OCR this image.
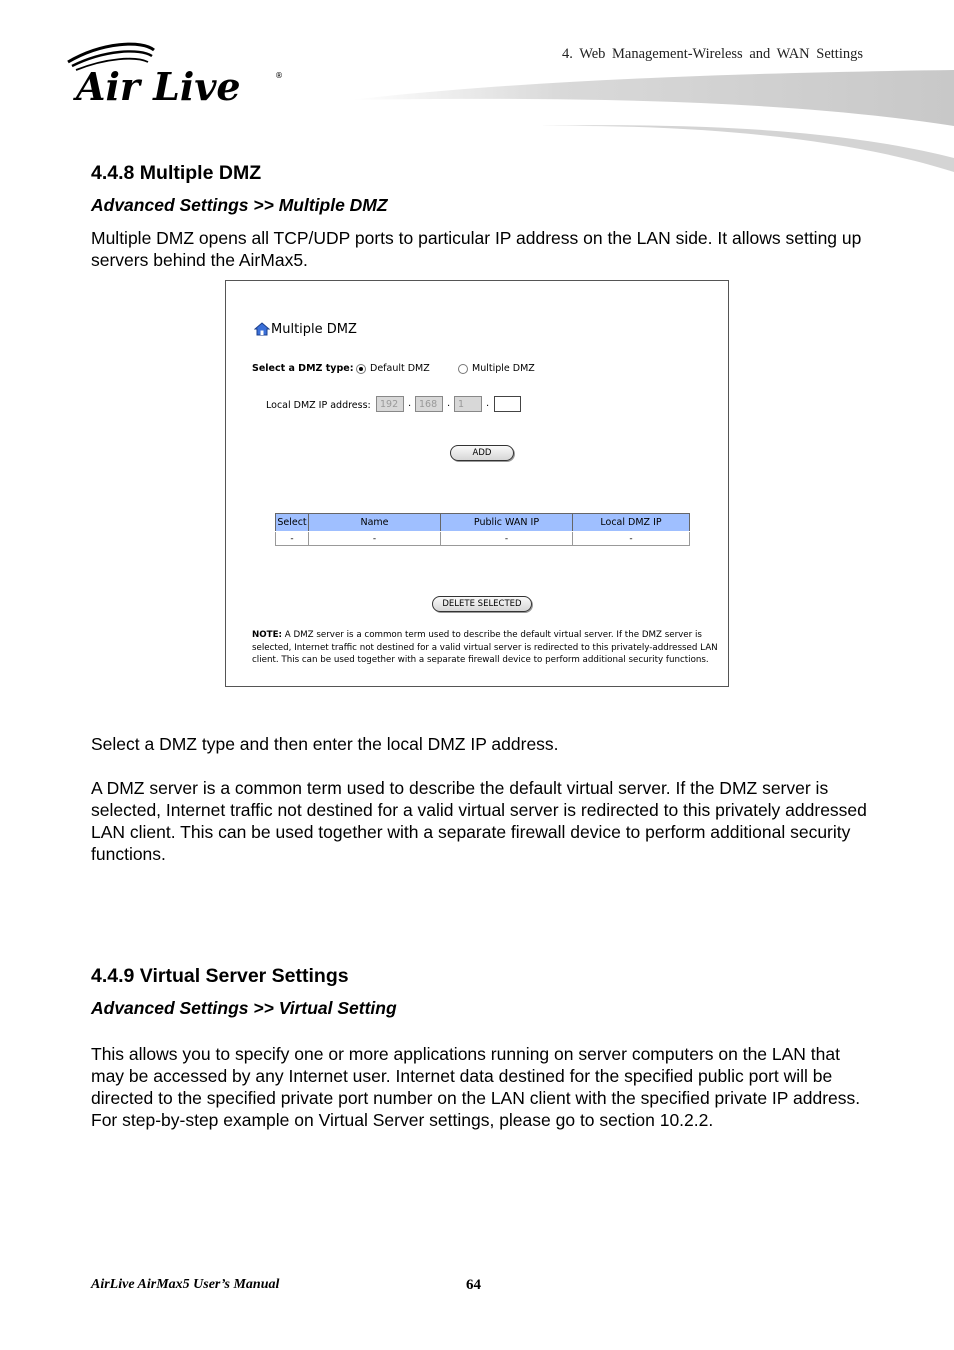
Air Live	®
4. Web Management-Wireless and WAN Settings
4.4.8 Multiple DMZ
Advanced Settings >> Multiple DMZ
Multiple DMZ opens all TCP/UDP ports to particular IP address on the LAN side. It allows setting up servers behind the AirMax5.
Multiple DMZ
Select a DMZ type: Default DMZ	Multiple DMZ
Local DMZ IP address: 192 . 168 . 1	.
ADD
Select	Name	Public WAN IP	Local DMZ IP
-	-	-	-
DELETE SELECTED
NOTE: A DMZ server is a common term used to describe the default virtual server. If the DMZ server is selected, Internet traffic not destined for a valid virtual server is redirected to this privately-addressed LAN client. This can be used together with a separate firewall device to perform additional security functions.
Select a DMZ type and then enter the local DMZ IP address.
A DMZ server is a common term used to describe the default virtual server. If the DMZ server is selected, Internet traffic not destined for a valid virtual server is redirected to this privately addressed LAN client. This can be used together with a separate firewall device to perform additional security functions.
4.4.9 Virtual Server Settings
Advanced Settings >> Virtual Setting
This allows you to specify one or more applications running on server computers on the LAN that may be accessed by any Internet user. Internet data destined for the specified public port will be directed to the specified private port number on the LAN client with the specified private IP address. For step-by-step example on Virtual Server settings, please go to section 10.2.2.
AirLive AirMax5 User’s Manual	64
